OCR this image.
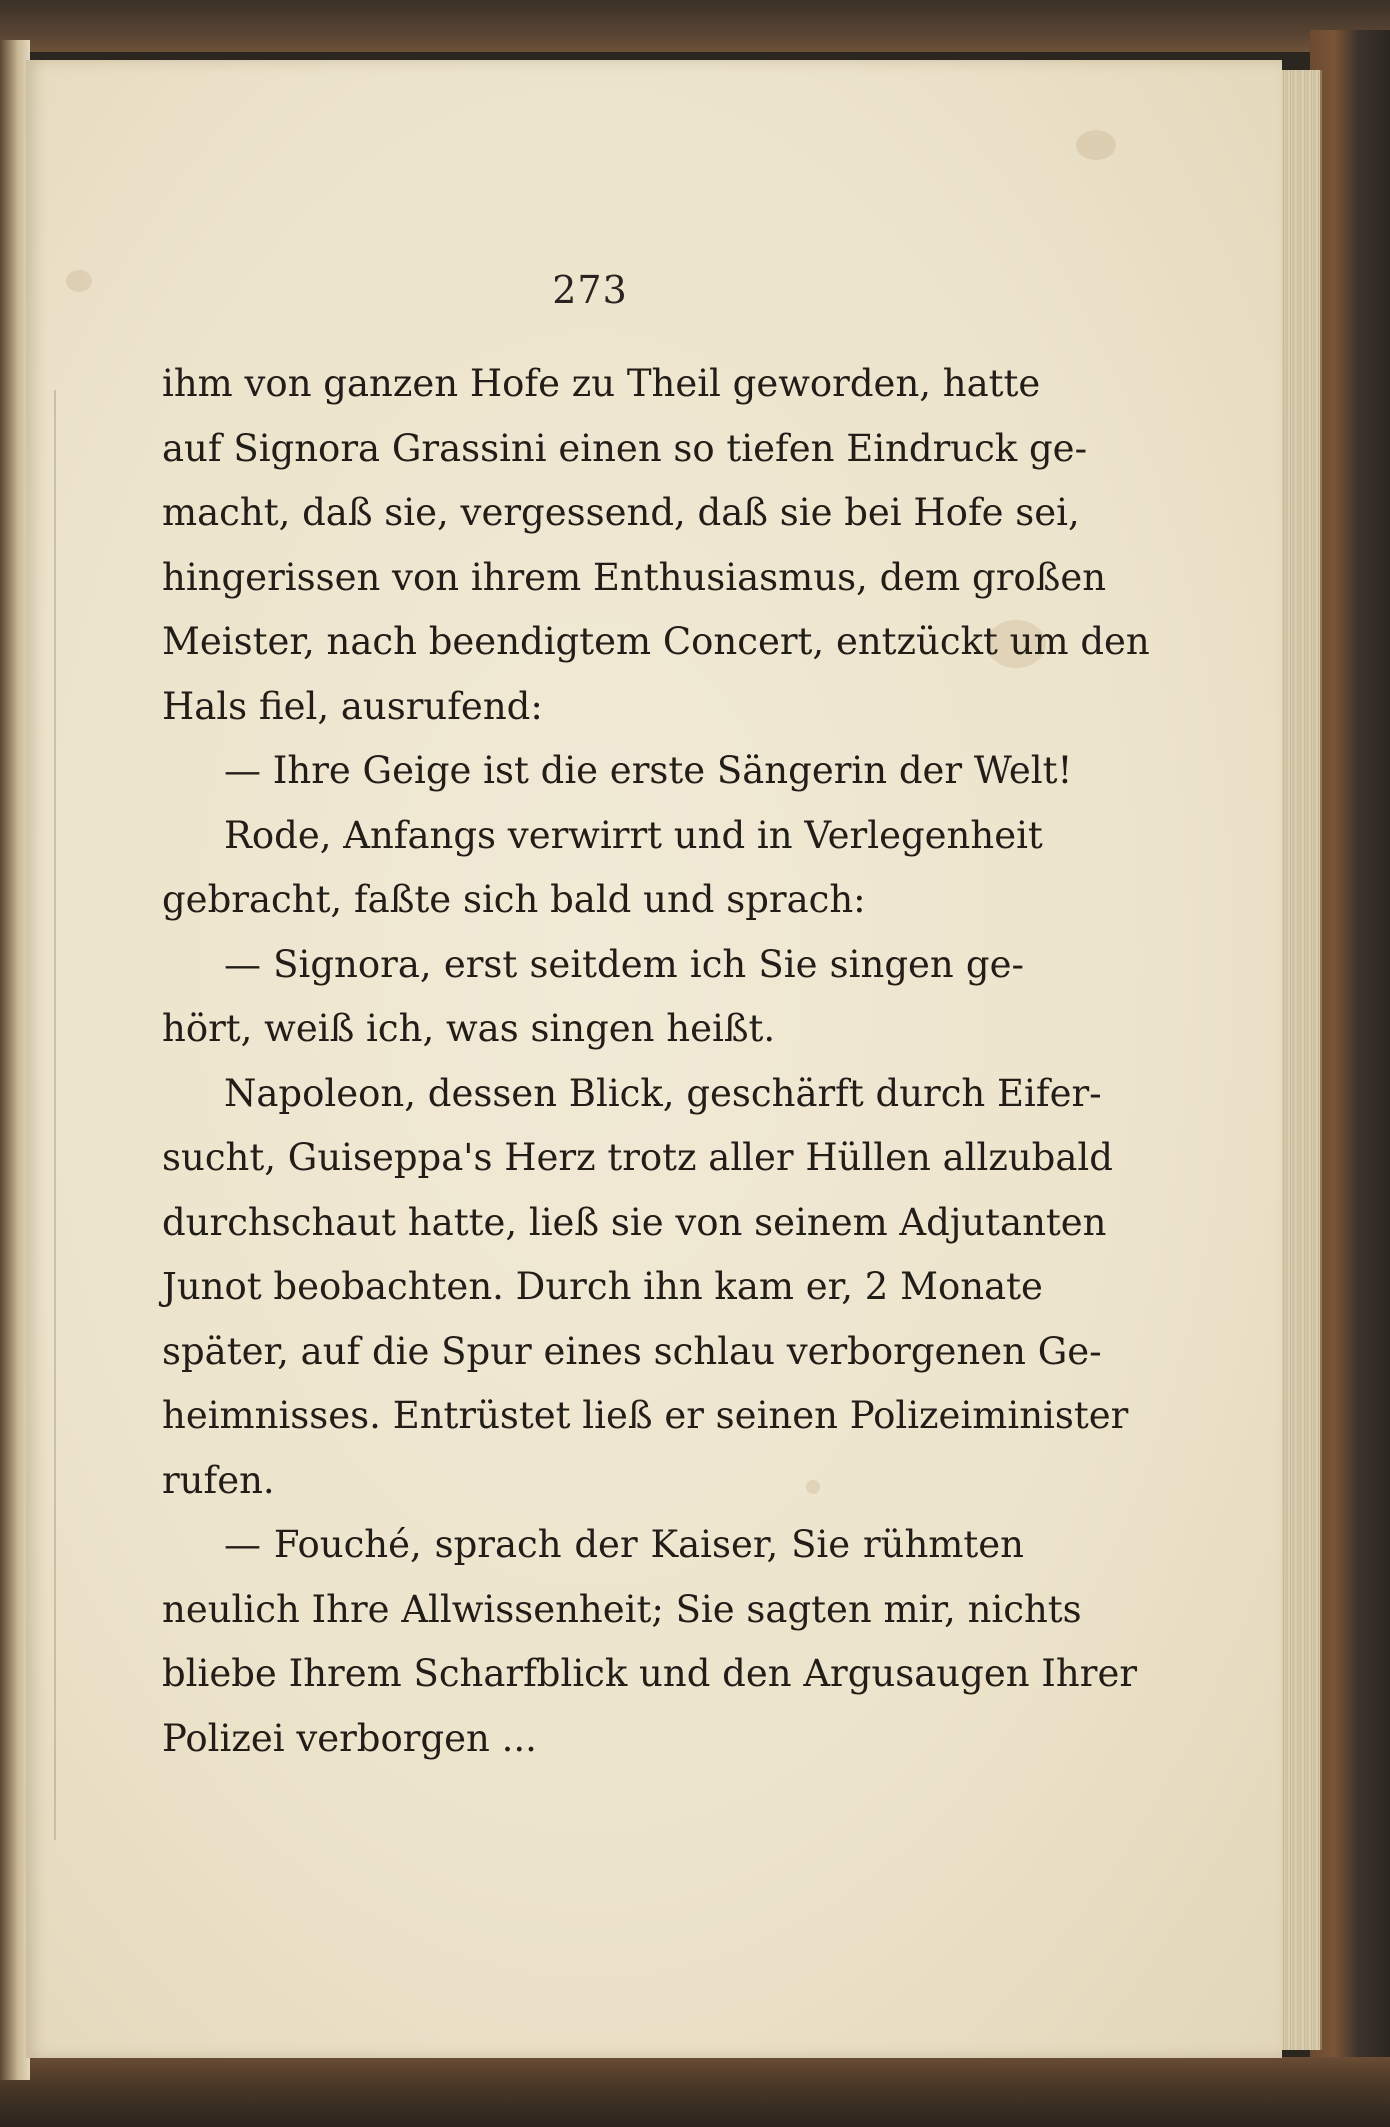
273
ihm von ganzen Hofe zu Theil geworden, hatte
auf Signora Grassini einen so tiefen Eindruck ge-
macht, daß sie, vergessend, daß sie bei Hofe sei,
hingerissen von ihrem Enthusiasmus, dem großen
Meister, nach beendigtem Concert, entzückt um den
Hals fiel, ausrufend:
— Ihre Geige ist die erste Sängerin der Welt!
Rode, Anfangs verwirrt und in Verlegenheit
gebracht, faßte sich bald und sprach:
— Signora, erst seitdem ich Sie singen ge-
hört, weiß ich, was singen heißt.
Napoleon, dessen Blick, geschärft durch Eifer-
sucht, Guiseppa's Herz trotz aller Hüllen allzubald
durchschaut hatte, ließ sie von seinem Adjutanten
Junot beobachten. Durch ihn kam er, 2 Monate
später, auf die Spur eines schlau verborgenen Ge-
heimnisses. Entrüstet ließ er seinen Polizeiminister
rufen.
— Fouché, sprach der Kaiser, Sie rühmten
neulich Ihre Allwissenheit; Sie sagten mir, nichts
bliebe Ihrem Scharfblick und den Argusaugen Ihrer
Polizei verborgen ...
